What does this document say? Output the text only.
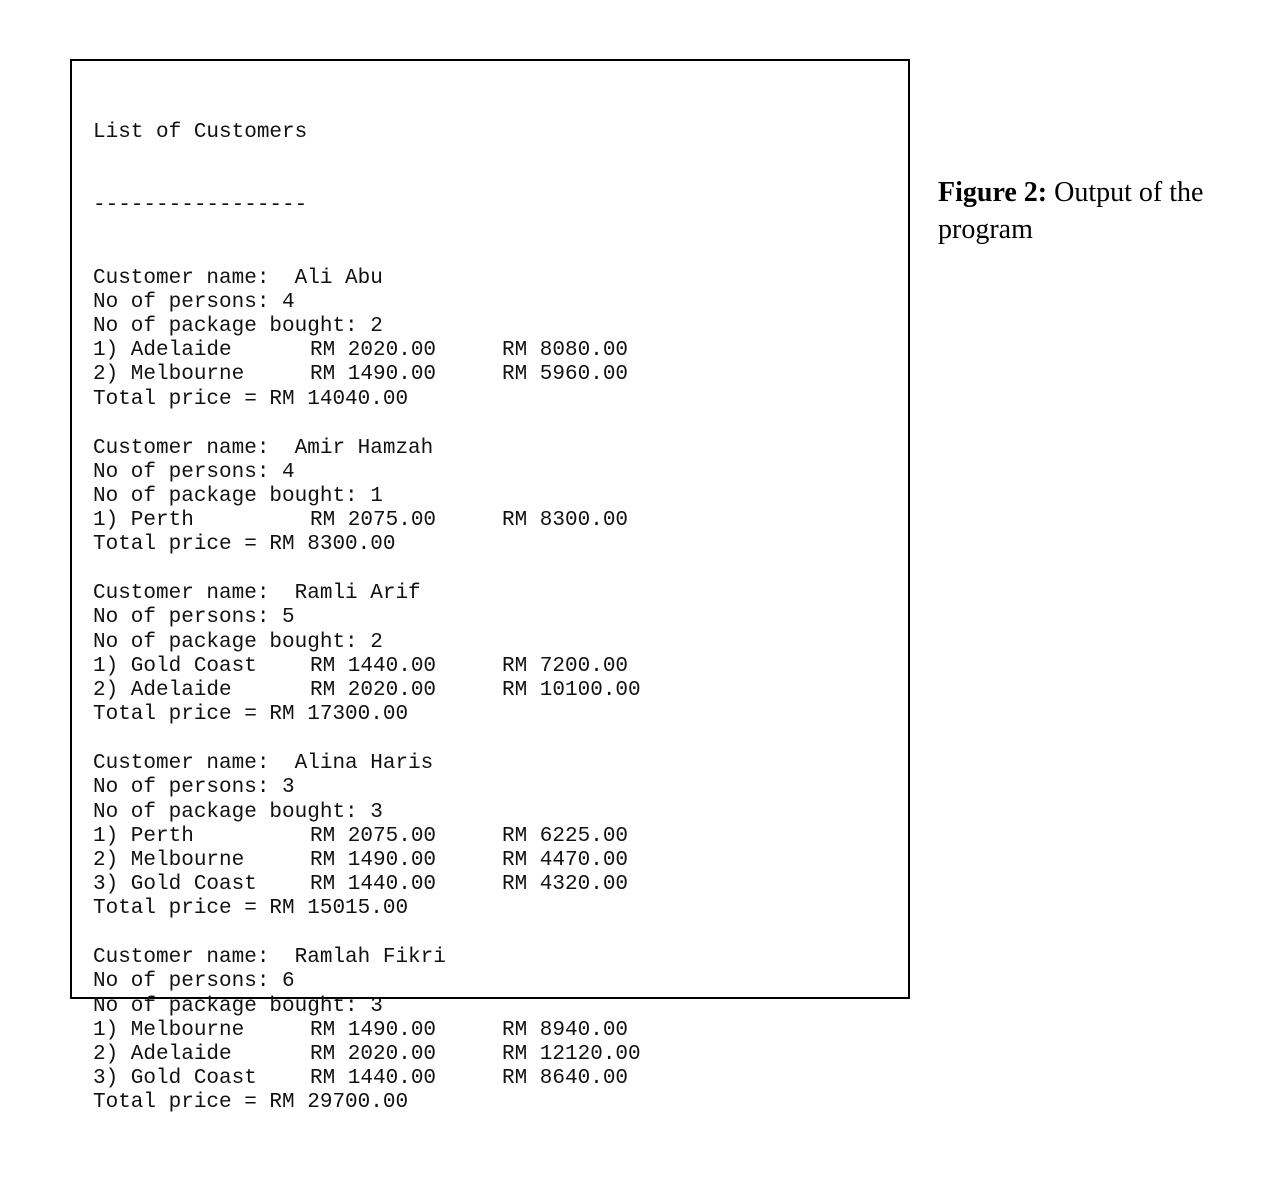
List of Customers

-----------------

Customer name:  Ali Abu
No of persons: 4
No of package bought: 2
1) Adelaide	RM 2020.00	RM 8080.00
2) Melbourne	RM 1490.00	RM 5960.00
Total price = RM 14040.00
Customer name:  Amir Hamzah
No of persons: 4
No of package bought: 1
1) Perth	RM 2075.00	RM 8300.00
Total price = RM 8300.00
Customer name:  Ramli Arif
No of persons: 5
No of package bought: 2
1) Gold Coast	RM 1440.00	RM 7200.00
2) Adelaide	RM 2020.00	RM 10100.00
Total price = RM 17300.00
Customer name:  Alina Haris
No of persons: 3
No of package bought: 3
1) Perth	RM 2075.00	RM 6225.00
2) Melbourne	RM 1490.00	RM 4470.00
3) Gold Coast	RM 1440.00	RM 4320.00
Total price = RM 15015.00
Customer name:  Ramlah Fikri
No of persons: 6
No of package bought: 3
1) Melbourne	RM 1490.00	RM 8940.00
2) Adelaide	RM 2020.00	RM 12120.00
3) Gold Coast	RM 1440.00	RM 8640.00
Total price = RM 29700.00

Figure 2: Output of the program
